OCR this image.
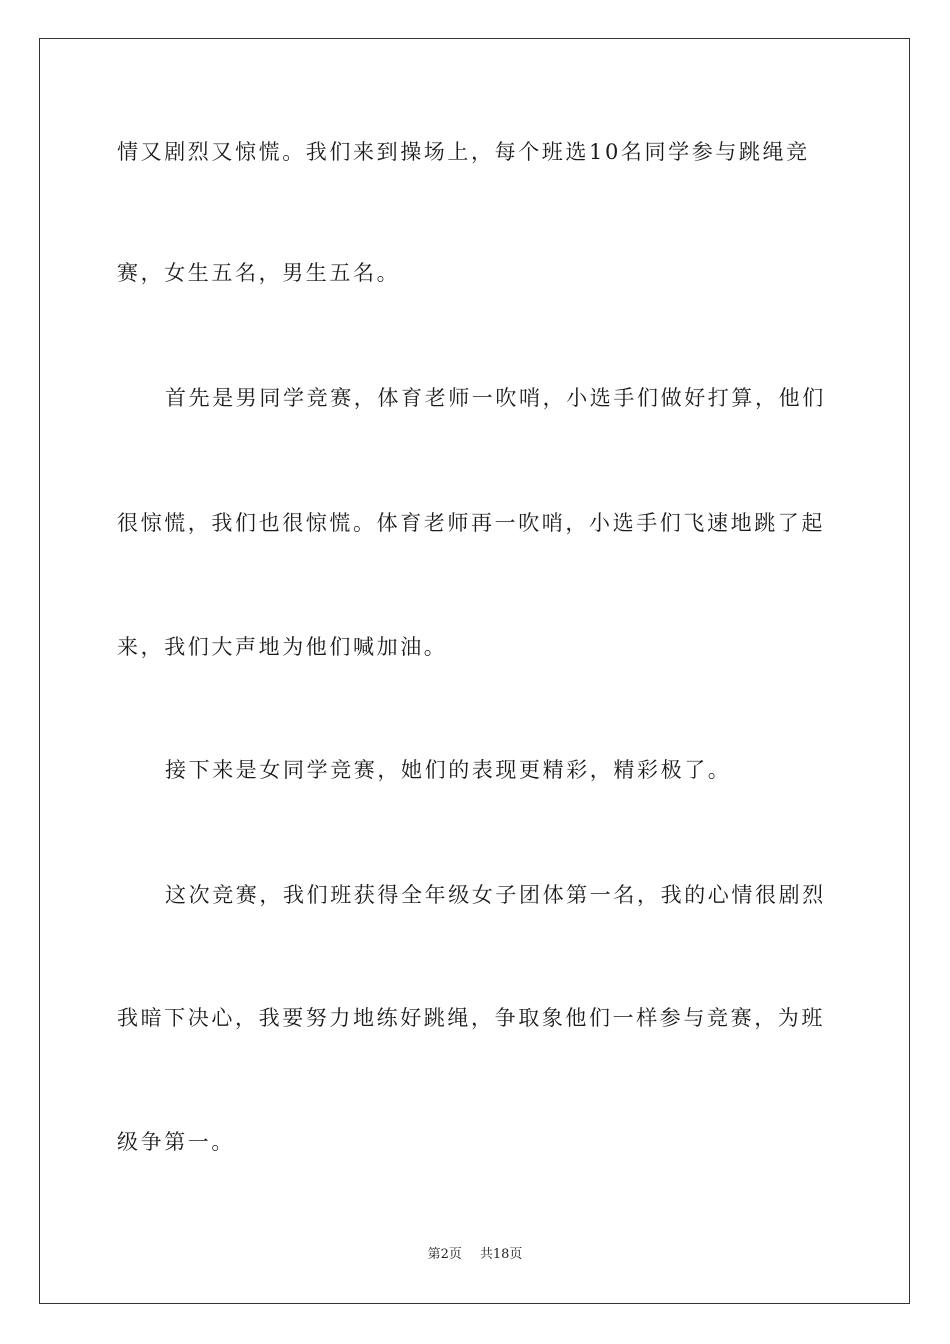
情又剧烈又惊慌。我们来到操场上，每个班选10名同学参与跳绳竞
赛，女生五名，男生五名。
首先是男同学竞赛，体育老师一吹哨，小选手们做好打算，他们
很惊慌，我们也很惊慌。体育老师再一吹哨，小选手们飞速地跳了起
来，我们大声地为他们喊加油。
接下来是女同学竞赛，她们的表现更精彩，精彩极了。
这次竞赛，我们班获得全年级女子团体第一名，我的心情很剧烈
我暗下决心，我要努力地练好跳绳，争取象他们一样参与竞赛，为班
级争第一。
第2页 共18页
